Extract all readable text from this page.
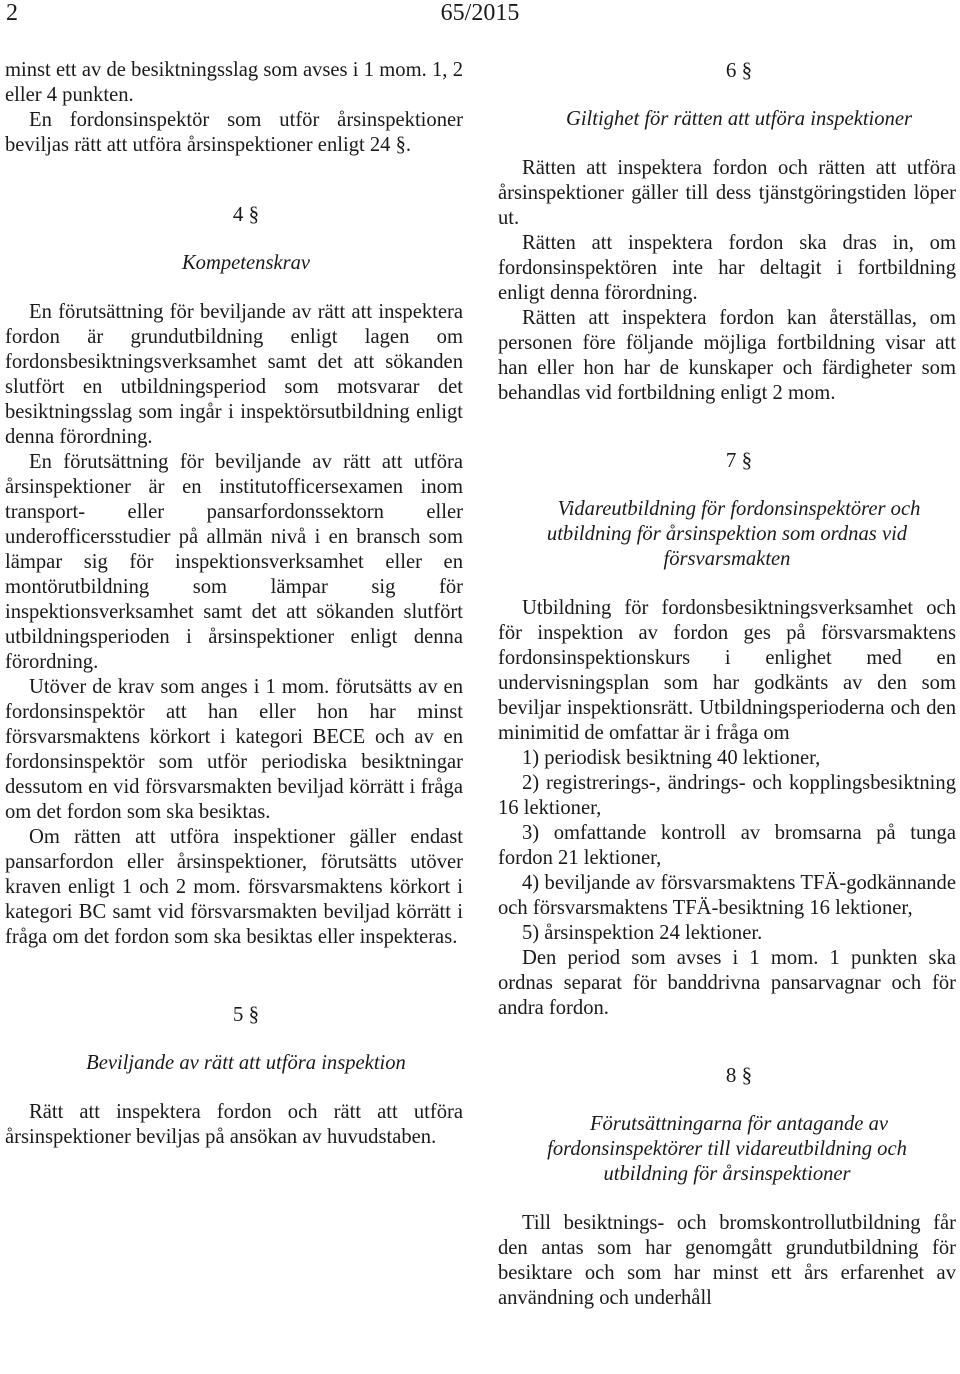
2	65/2015

minst ett av de besiktningsslag som avses i 1 mom. 1, 2 eller 4 punkten.

En fordonsinspektör som utför årsinspektioner beviljas rätt att utföra årsinspektioner enligt 24 §.

4 §

Kompetenskrav

En förutsättning för beviljande av rätt att inspektera fordon är grundutbildning enligt lagen om fordonsbesiktningsverksamhet samt det att sökanden slutfört en utbildningsperiod som motsvarar det besiktningsslag som ingår i inspektörsutbildning enligt denna förordning.

En förutsättning för beviljande av rätt att utföra årsinspektioner är en institutofficersexamen inom transport- eller pansarfordonssektorn eller underofficersstudier på allmän nivå i en bransch som lämpar sig för inspektionsverksamhet eller en montörutbildning som lämpar sig för inspektionsverksamhet samt det att sökanden slutfört utbildningsperioden i årsinspektioner enligt denna förordning.

Utöver de krav som anges i 1 mom. förutsätts av en fordonsinspektör att han eller hon har minst försvarsmaktens körkort i kategori BECE och av en fordonsinspektör som utför periodiska besiktningar dessutom en vid försvarsmakten beviljad körrätt i fråga om det fordon som ska besiktas.

Om rätten att utföra inspektioner gäller endast pansarfordon eller årsinspektioner, förutsätts utöver kraven enligt 1 och 2 mom. försvarsmaktens körkort i kategori BC samt vid försvarsmakten beviljad körrätt i fråga om det fordon som ska besiktas eller inspekteras.

5 §

Beviljande av rätt att utföra inspektion

Rätt att inspektera fordon och rätt att utföra årsinspektioner beviljas på ansökan av huvudstaben.

6 §

Giltighet för rätten att utföra inspektioner

Rätten att inspektera fordon och rätten att utföra årsinspektioner gäller till dess tjänstgöringstiden löper ut.

Rätten att inspektera fordon ska dras in, om fordonsinspektören inte har deltagit i fortbildning enligt denna förordning.

Rätten att inspektera fordon kan återställas, om personen före följande möjliga fortbildning visar att han eller hon har de kunskaper och färdigheter som behandlas vid fortbildning enligt 2 mom.

7 §

Vidareutbildning för fordonsinspektörer och utbildning för årsinspektion som ordnas vid försvarsmakten

Utbildning för fordonsbesiktningsverksamhet och för inspektion av fordon ges på försvarsmaktens fordonsinspektionskurs i enlighet med en undervisningsplan som har godkänts av den som beviljar inspektionsrätt. Utbildningsperioderna och den minimitid de omfattar är i fråga om

1) periodisk besiktning 40 lektioner,

2) registrerings-, ändrings- och kopplingsbesiktning 16 lektioner,

3) omfattande kontroll av bromsarna på tunga fordon 21 lektioner,

4) beviljande av försvarsmaktens TFÄ-godkännande och försvarsmaktens TFÄ-besiktning 16 lektioner,

5) årsinspektion 24 lektioner.

Den period som avses i 1 mom. 1 punkten ska ordnas separat för banddrivna pansarvagnar och för andra fordon.

8 §

Förutsättningarna för antagande av fordonsinspektörer till vidareutbildning och utbildning för årsinspektioner

Till besiktnings- och bromskontrollutbildning får den antas som har genomgått grundutbildning för besiktare och som har minst ett års erfarenhet av användning och underhåll
